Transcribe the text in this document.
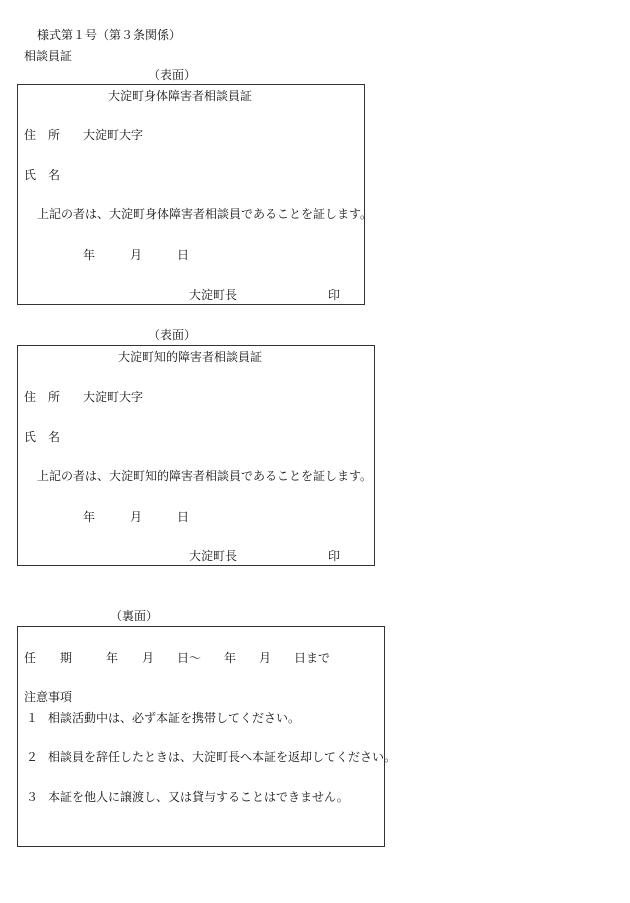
様式第１号（第３条関係）
相談員証
（表面）
大淀町身体障害者相談員証
住　所 大淀町大字
氏　名
上記の者は、大淀町身体障害者相談員であることを証します。
年	月	日
大淀町長	印
（表面）
大淀町知的障害者相談員証
住　所 大淀町大字
氏　名
上記の者は、大淀町知的障害者相談員であることを証します。
年	月	日
大淀町長	印
（裏面）
任　　期	年 月 日～ 年 月 日まで
注意事項
１ 相談活動中は、必ず本証を携帯してください。
２ 相談員を辞任したときは、大淀町長へ本証を返却してください。
３ 本証を他人に譲渡し、又は貸与することはできません。
